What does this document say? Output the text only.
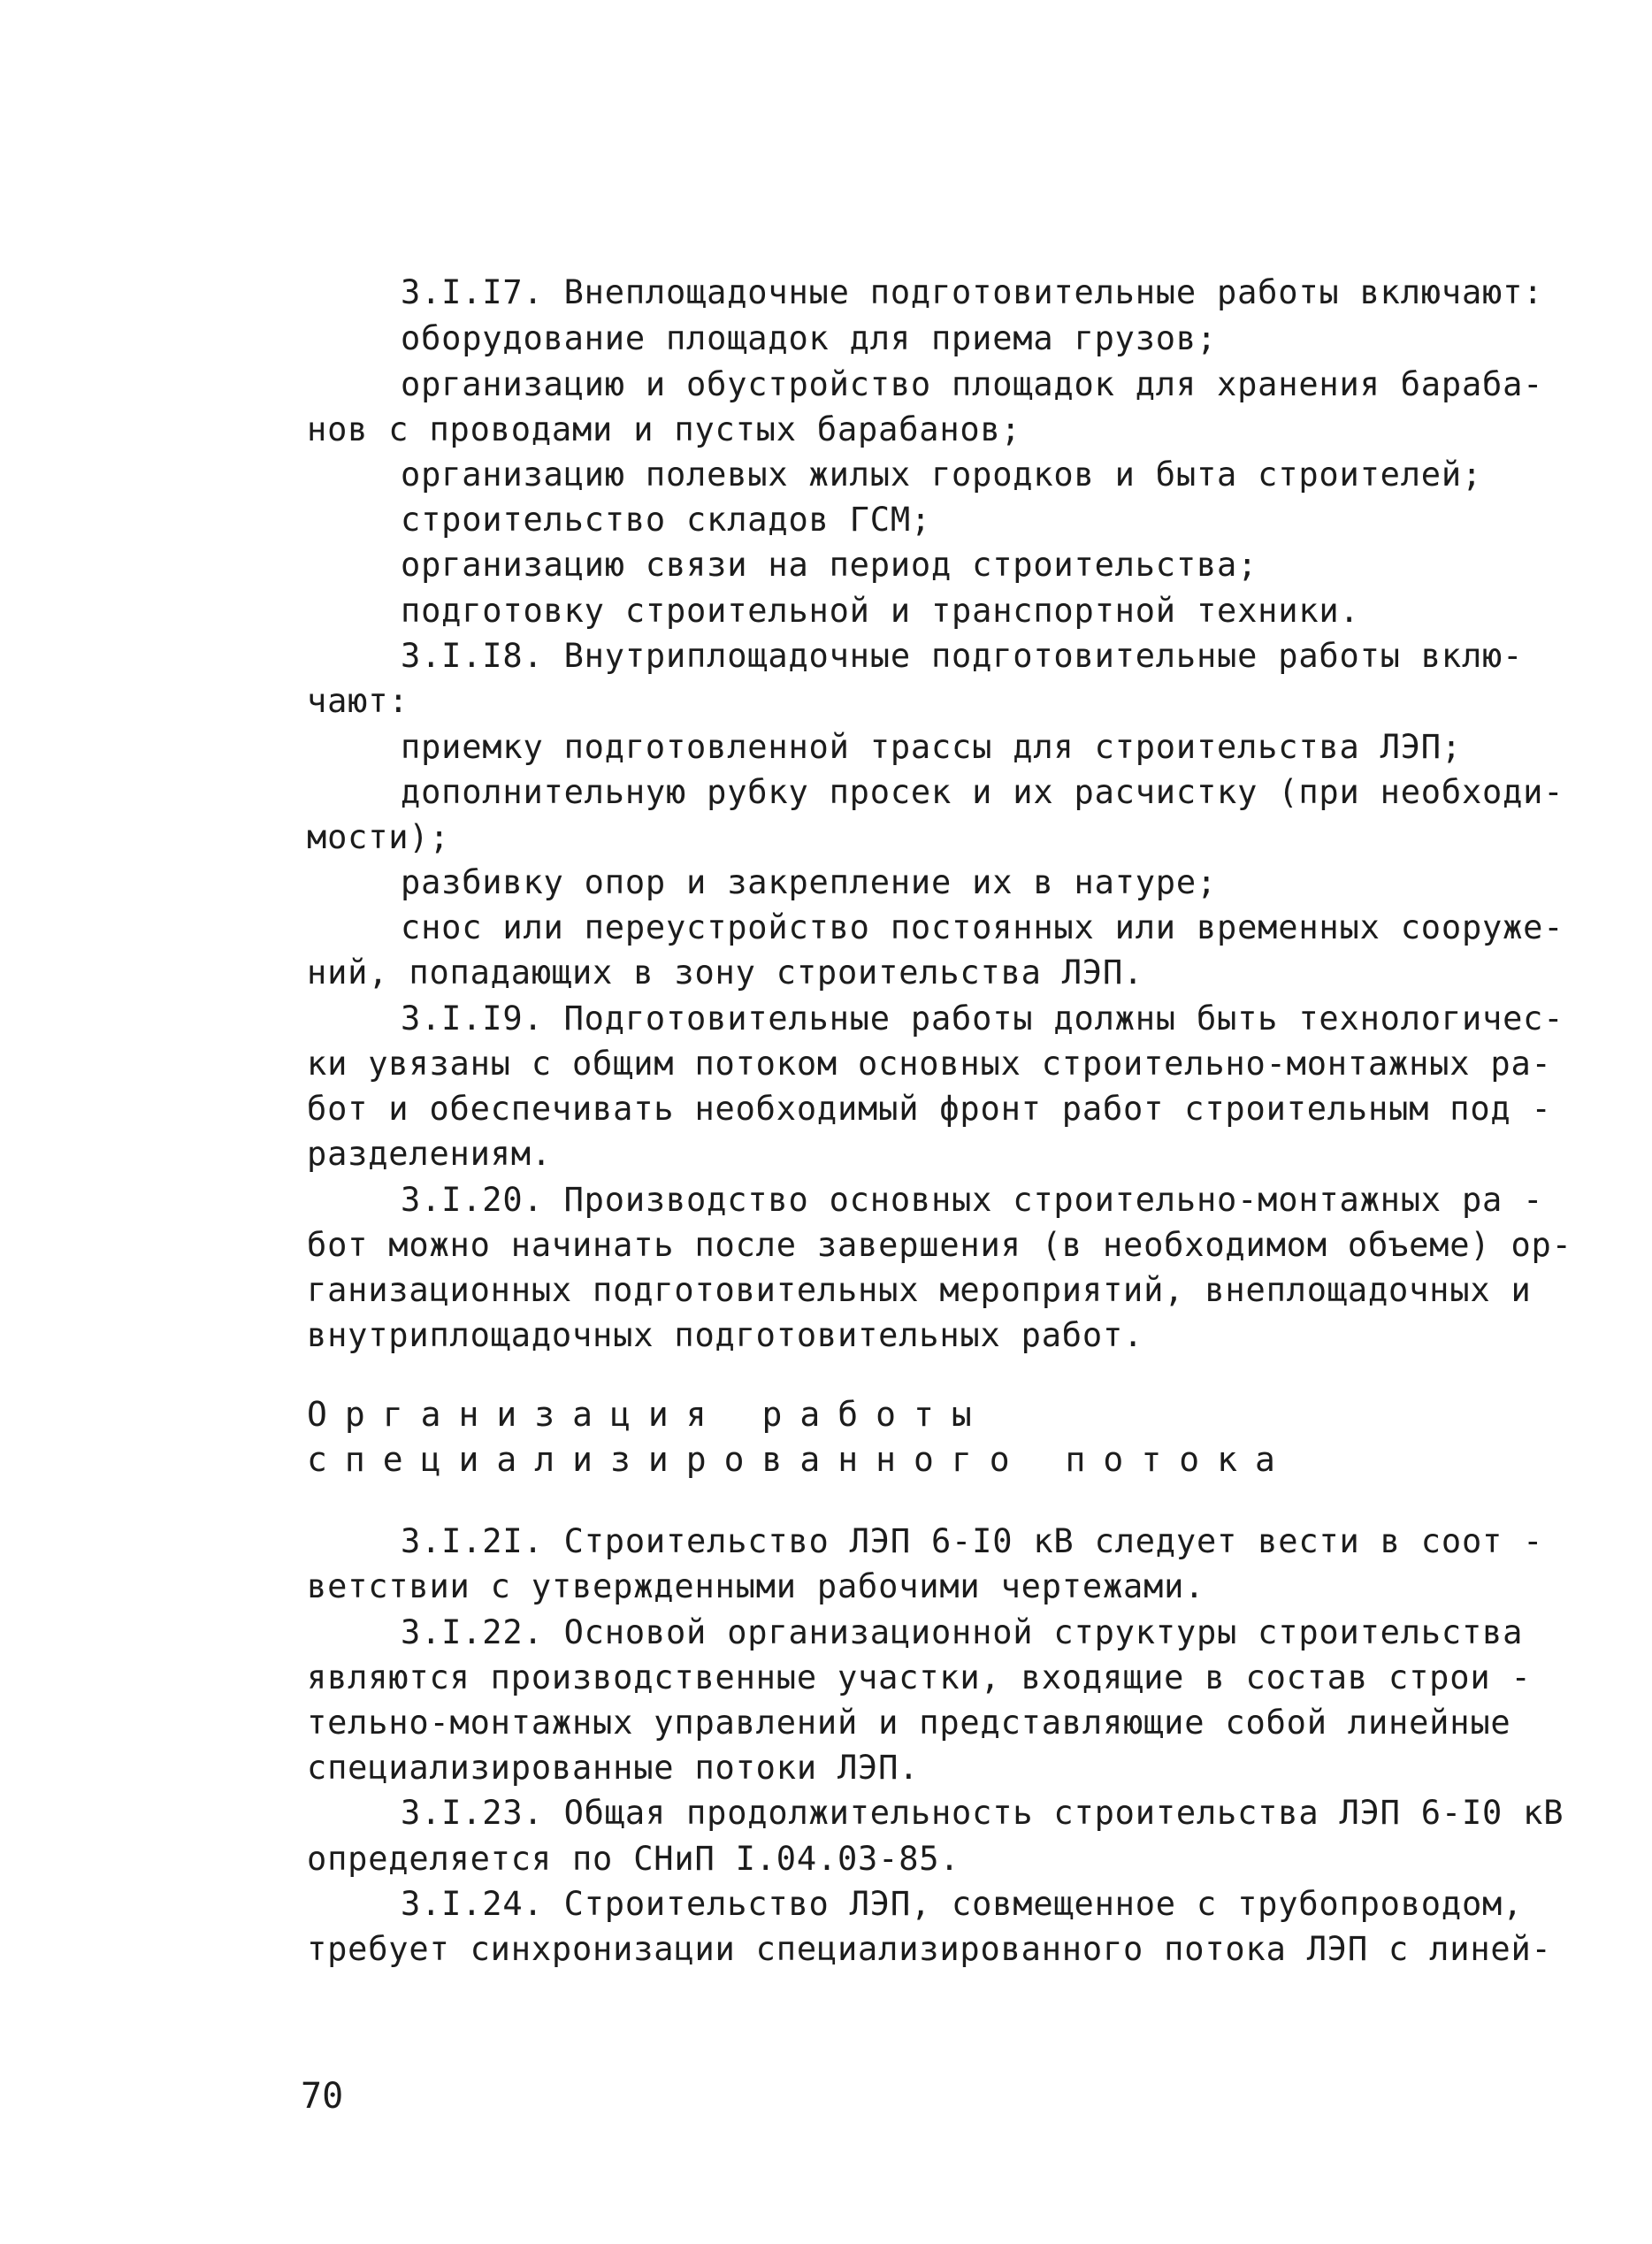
3.I.I7. Внеплощадочные подготовительные работы включают:

оборудование площадок для приема грузов;

организацию и обустройство площадок для хранения бараба-

нов с проводами и пустых барабанов;

организацию полевых жилых городков и быта строителей;

строительство складов ГСМ;

организацию связи на период строительства;

подготовку строительной и транспортной техники.

3.I.I8. Внутриплощадочные подготовительные работы вклю-

чают:

приемку подготовленной трассы для строительства ЛЭП;

дополнительную рубку просек и их расчистку (при необходи-

мости);

разбивку опор и закрепление их в натуре;

снос или переустройство постоянных или временных сооруже-

ний, попадающих в зону строительства ЛЭП.

3.I.I9. Подготовительные работы должны быть технологичес-

ки увязаны с общим потоком основных строительно-монтажных ра-

бот и обеспечивать необходимый фронт работ строительным под -

разделениям.

3.I.20. Производство основных строительно-монтажных ра -

бот можно начинать после завершения (в необходимом объеме) ор-

ганизационных подготовительных мероприятий, внеплощадочных и

внутриплощадочных подготовительных работ.

Организация работы

специализированного потока

3.I.2I. Строительство ЛЭП 6-I0 кВ следует вести в соот -

ветствии с утвержденными рабочими чертежами.

3.I.22. Основой организационной структуры строительства

являются производственные участки, входящие в состав строи -

тельно-монтажных управлений и представляющие собой линейные

специализированные потоки ЛЭП.

3.I.23. Общая продолжительность строительства ЛЭП 6-I0 кВ

определяется по СНиП I.04.03-85.

3.I.24. Строительство ЛЭП, совмещенное с трубопроводом,

требует синхронизации специализированного потока ЛЭП с линей-

70
